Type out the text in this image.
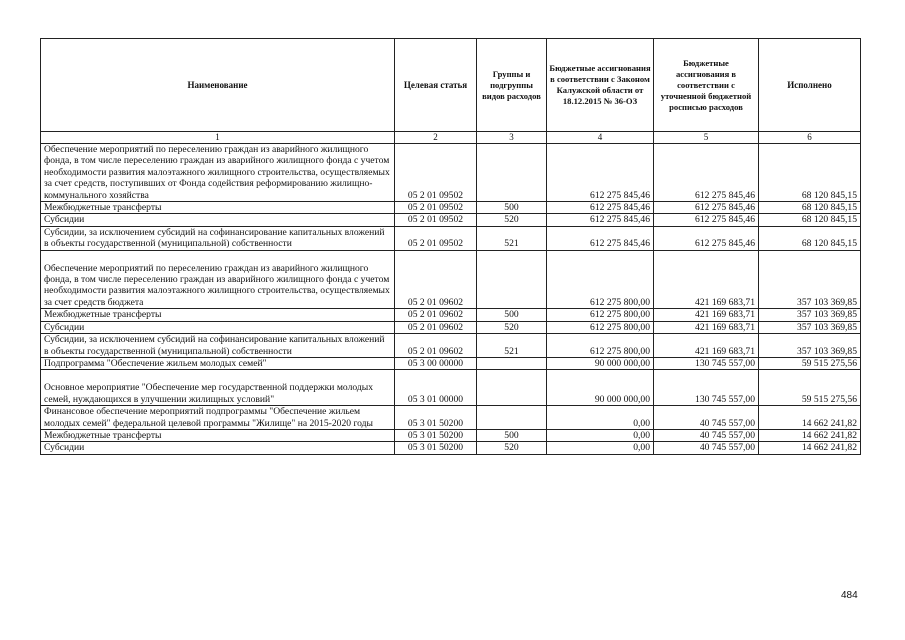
Наименование	Целевая статья	Группы и подгруппы видов расходов	Бюджетные ассигнования в соответствии с Законом Калужской области от 18.12.2015 № 36-ОЗ	Бюджетные ассигнования в соответствии с уточненной бюджетной росписью расходов	Исполнено
1	2	3	4	5	6
Обеспечение мероприятий по переселению граждан из аварийного жилищного фонда, в том числе переселению граждан из аварийного жилищного фонда с учетом необходимости развития малоэтажного жилищного строительства, осуществляемых за счет средств, поступивших от Фонда содействия реформированию жилищно-коммунального хозяйства	05 2 01 09502		612 275 845,46	612 275 845,46	68 120 845,15
Межбюджетные трансферты	05 2 01 09502	500	612 275 845,46	612 275 845,46	68 120 845,15
Субсидии	05 2 01 09502	520	612 275 845,46	612 275 845,46	68 120 845,15
Субсидии, за исключением субсидий на софинансирование капитальных вложений в объекты государственной (муниципальной) собственности	05 2 01 09502	521	612 275 845,46	612 275 845,46	68 120 845,15
Обеспечение мероприятий по переселению граждан из аварийного жилищного фонда, в том числе переселению граждан из аварийного жилищного фонда с учетом необходимости развития малоэтажного жилищного строительства, осуществляемых за счет средств бюджета	05 2 01 09602		612 275 800,00	421 169 683,71	357 103 369,85
Межбюджетные трансферты	05 2 01 09602	500	612 275 800,00	421 169 683,71	357 103 369,85
Субсидии	05 2 01 09602	520	612 275 800,00	421 169 683,71	357 103 369,85
Субсидии, за исключением субсидий на софинансирование капитальных вложений в объекты государственной (муниципальной) собственности	05 2 01 09602	521	612 275 800,00	421 169 683,71	357 103 369,85
Подпрограмма "Обеспечение жильем молодых семей"	05 3 00 00000		90 000 000,00	130 745 557,00	59 515 275,56
Основное мероприятие "Обеспечение мер государственной поддержки молодых семей, нуждающихся в улучшении жилищных условий"	05 3 01 00000		90 000 000,00	130 745 557,00	59 515 275,56
Финансовое обеспечение мероприятий подпрограммы "Обеспечение жильем молодых семей" федеральной целевой программы "Жилище" на 2015-2020 годы	05 3 01 50200		0,00	40 745 557,00	14 662 241,82
Межбюджетные трансферты	05 3 01 50200	500	0,00	40 745 557,00	14 662 241,82
Субсидии	05 3 01 50200	520	0,00	40 745 557,00	14 662 241,82
484
